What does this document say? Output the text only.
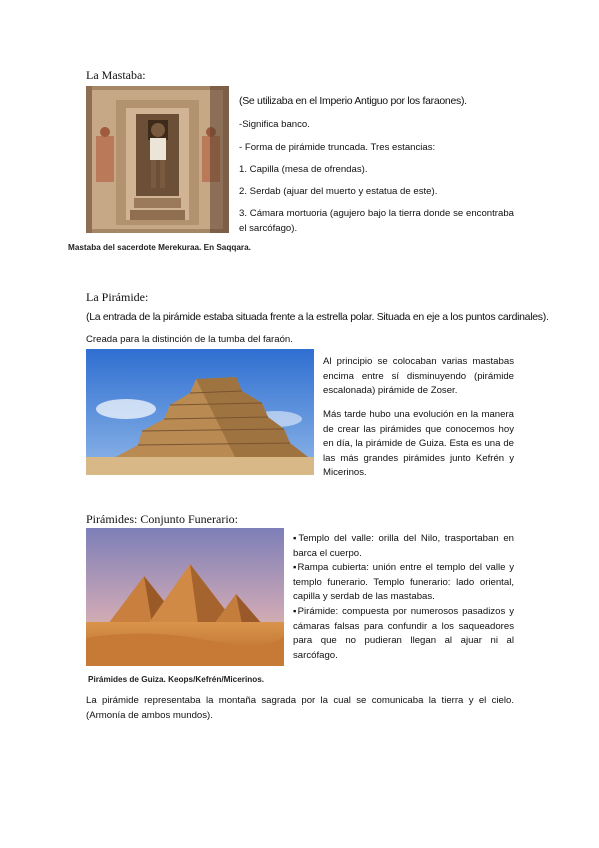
La Mastaba:
(Se utilizaba en el Imperio Antiguo por los faraones).
-Significa banco.
- Forma de pirámide truncada. Tres estancias:
1. Capilla (mesa de ofrendas).
2. Serdab (ajuar del muerto y estatua de este).
3. Cámara mortuoria (agujero bajo la tierra donde se encontraba el sarcófago).
Mastaba del sacerdote Merekuraa. En Saqqara.
La Pirámide:
(La entrada de la pirámide estaba situada frente a la estrella polar. Situada en eje a los puntos cardinales).
Creada para la distinción de la tumba del faraón.
Al principio se colocaban varias mastabas encima entre sí disminuyendo (pirámide escalonada) pirámide de Zoser.
Más tarde hubo una evolución en la manera de crear las pirámides que conocemos hoy en día, la pirámide de Guiza. Esta es una de las más grandes pirámides junto Kefrén y Micerinos.
Pirámides: Conjunto Funerario:
▪Templo del valle: orilla del Nilo, trasportaban en barca el cuerpo.
▪Rampa cubierta: unión entre el templo del valle y templo funerario. Templo funerario: lado oriental, capilla y serdab de las mastabas.
▪Pirámide: compuesta por numerosos pasadizos y cámaras falsas para confundir a los saqueadores para que no pudieran llegan al ajuar ni al sarcófago.
Pirámides de Guiza. Keops/Kefrén/Micerinos.
La pirámide representaba la montaña sagrada por la cual se comunicaba la tierra y el cielo. (Armonía de ambos mundos).
